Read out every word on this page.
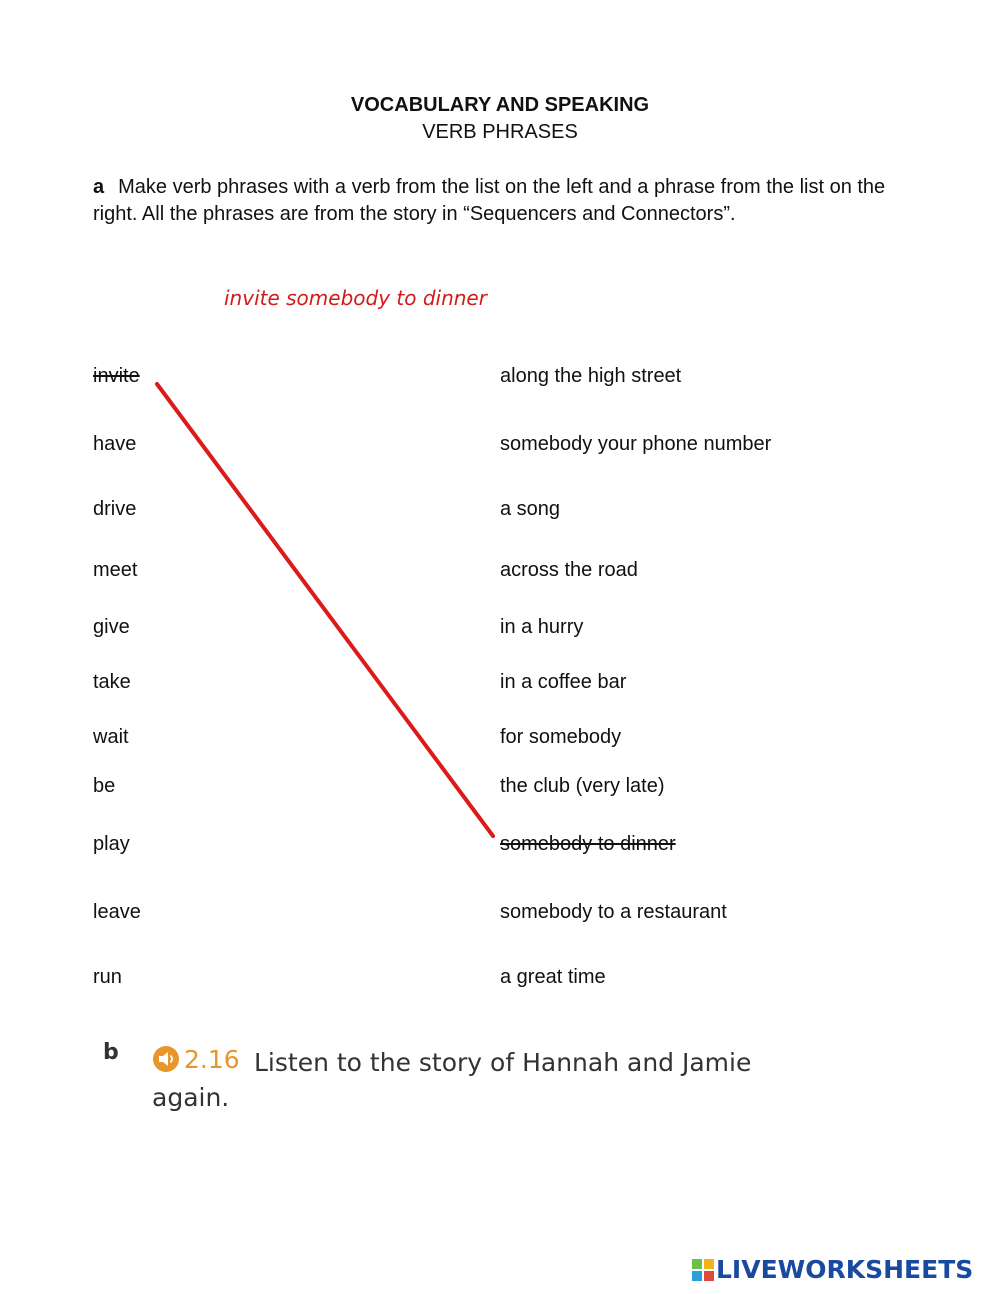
VOCABULARY AND SPEAKING
VERB PHRASES
a Make verb phrases with a verb from the list on the left and a phrase from the list on the right. All the phrases are from the story in “Sequencers and Connectors”.
invite somebody to dinner
invite
have
drive
meet
give
take
wait
be
play
leave
run
along the high street
somebody your phone number
a song
across the road
in a hurry
in a coffee bar
for somebody
the club (very late)
somebody to dinner
somebody to a restaurant
a great time
b	Listen to the story of Hannah and Jamie again.
2.16
LIVEWORKSHEETS
